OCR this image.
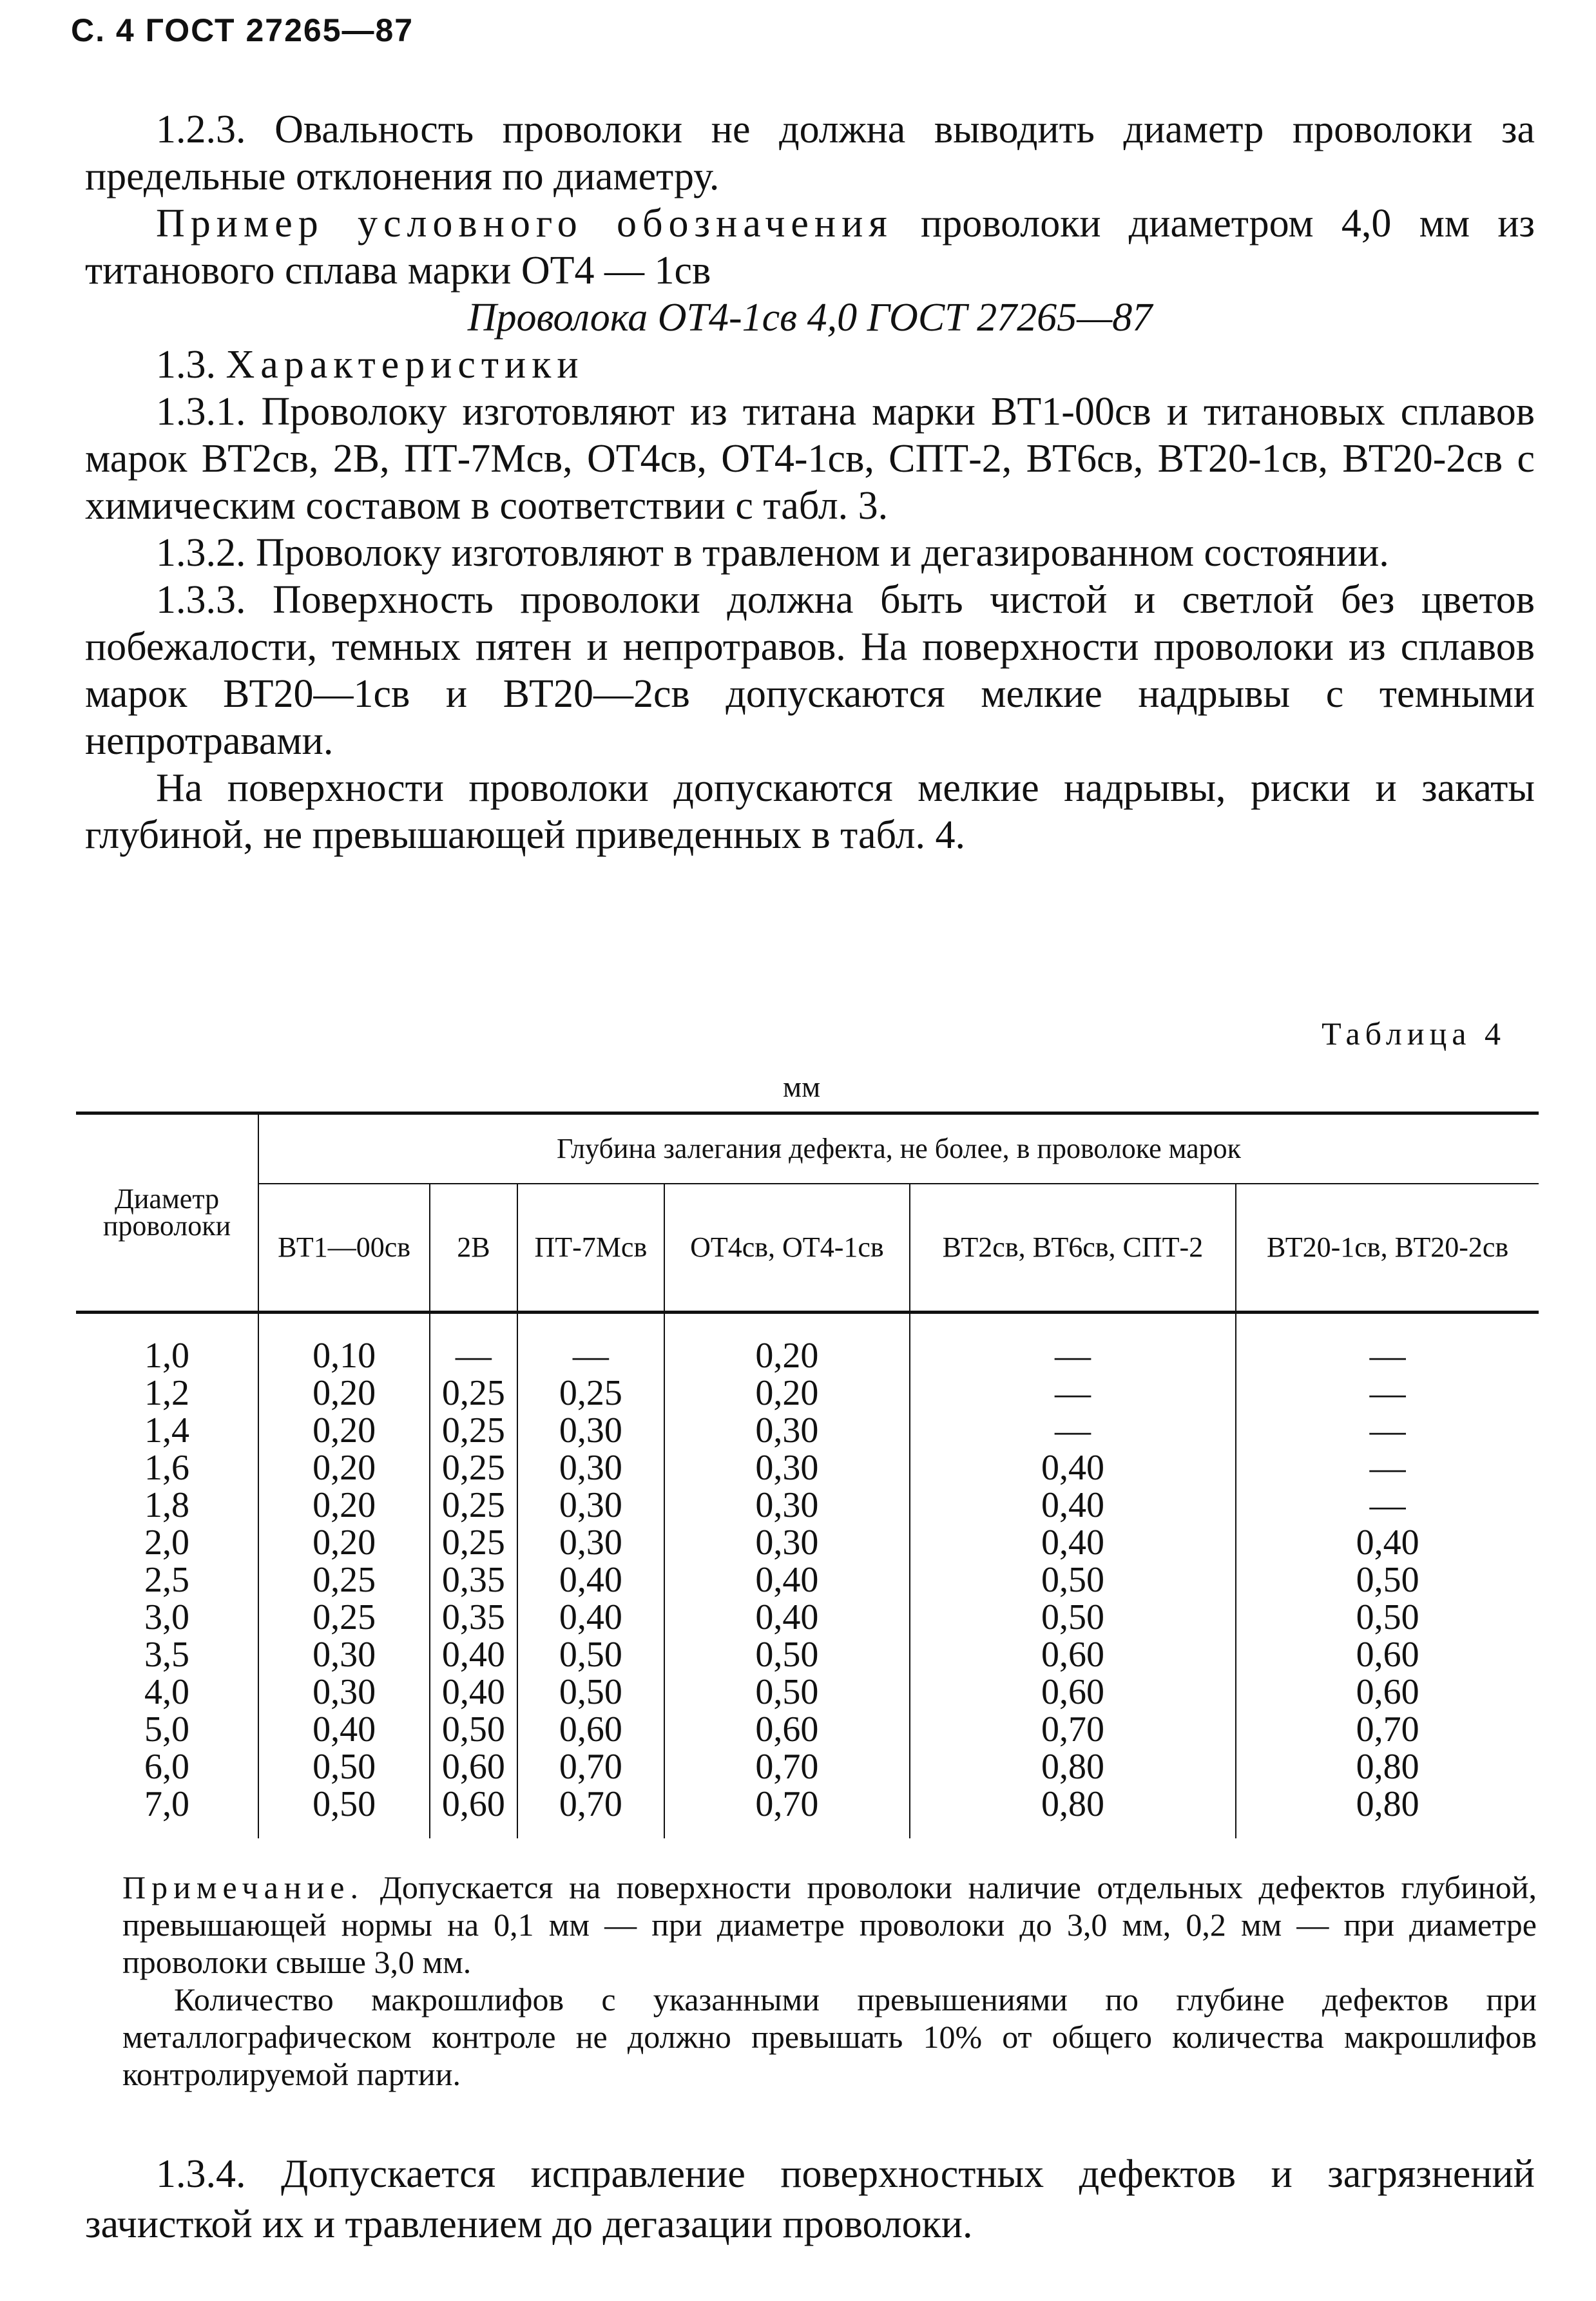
С. 4 ГОСТ 27265—87

1.2.3. Овальность проволоки не должна выводить диаметр проволоки за предельные отклонения по диаметру.

Пример условного обозначения проволоки диаметром 4,0 мм из титанового сплава марки ОТ4 — 1св

Проволока ОТ4-1св 4,0 ГОСТ 27265—87

1.3. Характеристики

1.3.1. Проволоку изготовляют из титана марки ВТ1-00св и титановых сплавов марок ВТ2св, 2В, ПТ-7Мсв, ОТ4св, ОТ4-1св, СПТ-2, ВТ6св, ВТ20-1св, ВТ20-2св с химическим составом в соответствии с табл. 3.

1.3.2. Проволоку изготовляют в травленом и дегазированном состоянии.

1.3.3. Поверхность проволоки должна быть чистой и светлой без цветов побежалости, темных пятен и непротравов. На поверхности проволоки из сплавов марок ВТ20—1св и ВТ20—2св допускаются мелкие надрывы с темными непротравами.

На поверхности проволоки допускаются мелкие надрывы, риски и закаты глубиной, не превышающей приведенных в табл. 4.

Таблица 4
мм
Диаметр проволоки	Глубина залегания дефекта, не более, в проволоке марок					
	ВТ1—00св	2В	ПТ-7Мсв	ОТ4св, ОТ4-1св	ВТ2св, ВТ6св, СПТ-2	ВТ20-1св, ВТ20-2св
1,0	0,10	—	—	0,20	—	—
1,2	0,20	0,25	0,25	0,20	—	—
1,4	0,20	0,25	0,30	0,30	—	—
1,6	0,20	0,25	0,30	0,30	0,40	—
1,8	0,20	0,25	0,30	0,30	0,40	—
2,0	0,20	0,25	0,30	0,30	0,40	0,40
2,5	0,25	0,35	0,40	0,40	0,50	0,50
3,0	0,25	0,35	0,40	0,40	0,50	0,50
3,5	0,30	0,40	0,50	0,50	0,60	0,60
4,0	0,30	0,40	0,50	0,50	0,60	0,60
5,0	0,40	0,50	0,60	0,60	0,70	0,70
6,0	0,50	0,60	0,70	0,70	0,80	0,80
7,0	0,50	0,60	0,70	0,70	0,80	0,80

Примечание. Допускается на поверхности проволоки наличие отдельных дефектов глубиной, превышающей нормы на 0,1 мм — при диаметре проволоки до 3,0 мм, 0,2 мм — при диаметре проволоки свыше 3,0 мм.

Количество макрошлифов с указанными превышениями по глубине дефектов при металлографическом контроле не должно превышать 10% от общего количества макрошлифов контролируемой партии.

1.3.4. Допускается исправление поверхностных дефектов и загрязнений зачисткой их и травлением до дегазации проволоки.
